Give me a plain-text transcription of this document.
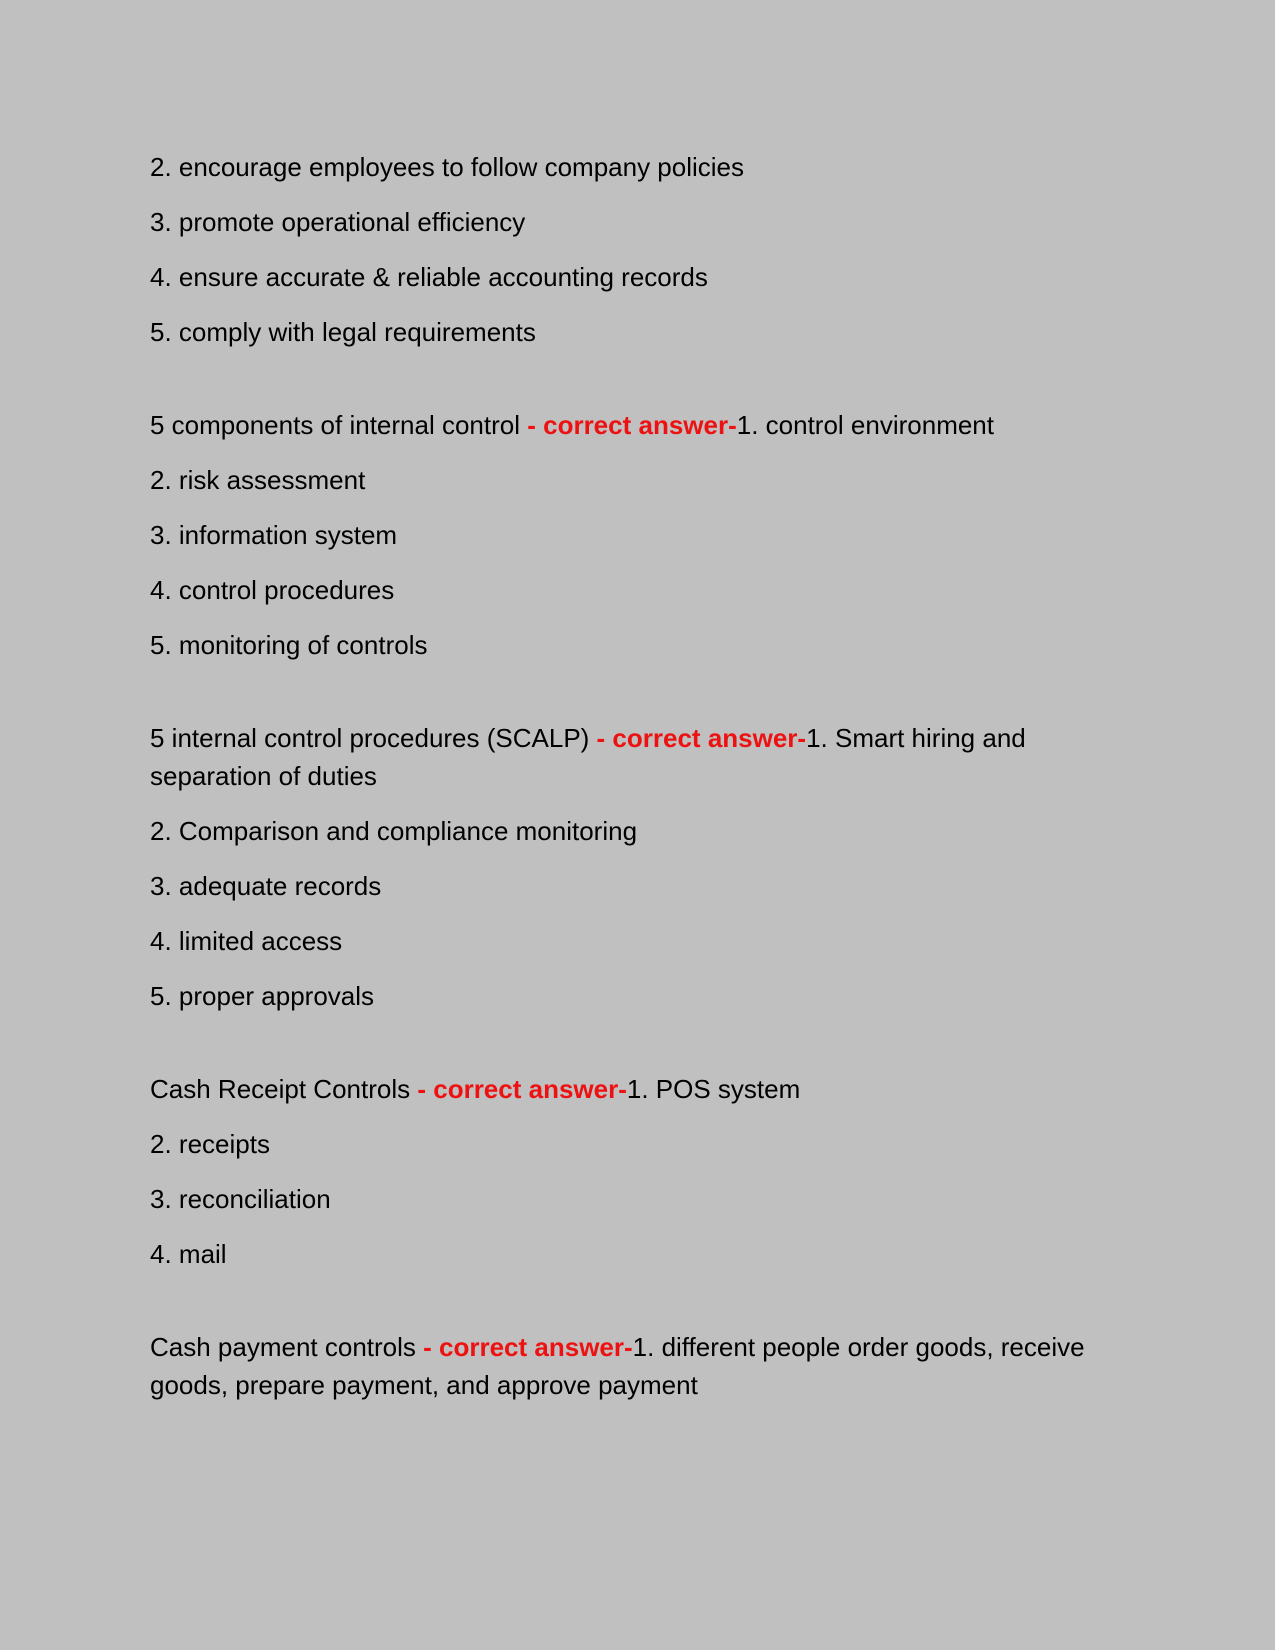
2. encourage employees to follow company policies

3. promote operational efficiency

4. ensure accurate & reliable accounting records

5. comply with legal requirements

5 components of internal control - correct answer-1. control environment

2. risk assessment

3. information system

4. control procedures

5. monitoring of controls

5 internal control procedures (SCALP) - correct answer-1. Smart hiring and separation of duties

2. Comparison and compliance monitoring

3. adequate records

4. limited access

5. proper approvals

Cash Receipt Controls - correct answer-1. POS system

2. receipts

3. reconciliation

4. mail

Cash payment controls - correct answer-1. different people order goods, receive goods, prepare payment, and approve payment
